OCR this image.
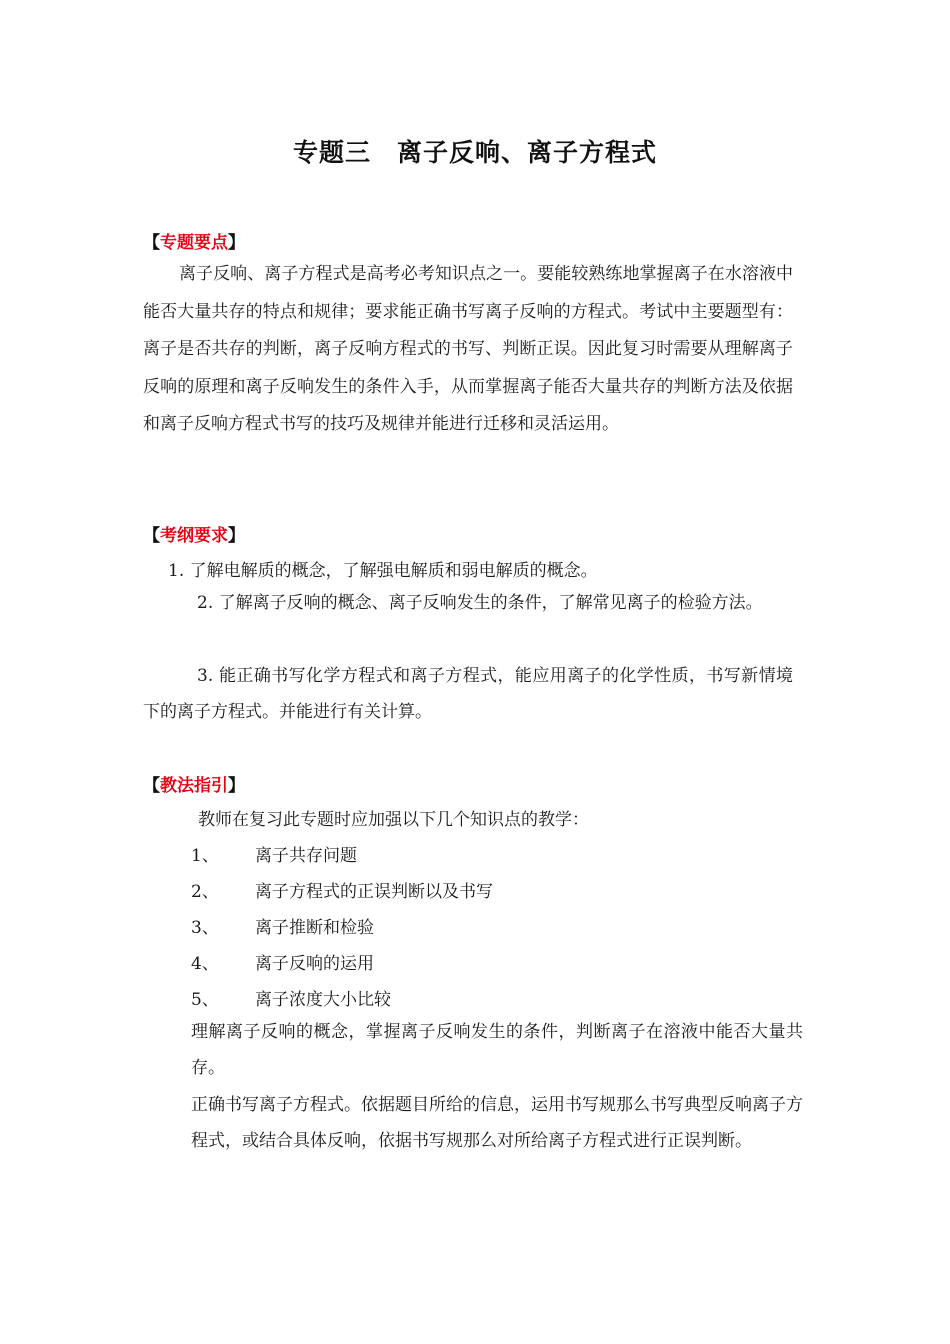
专题三　离子反响、离子方程式
【专题要点】
离子反响、离子方程式是高考必考知识点之一。要能较熟练地掌握离子在水溶液中能否大量共存的特点和规律；要求能正确书写离子反响的方程式。考试中主要题型有：离子是否共存的判断，离子反响方程式的书写、判断正误。因此复习时需要从理解离子反响的原理和离子反响发生的条件入手，从而掌握离子能否大量共存的判断方法及依据和离子反响方程式书写的技巧及规律并能进行迁移和灵活运用。
【考纲要求】
1. 了解电解质的概念，了解强电解质和弱电解质的概念。
2. 了解离子反响的概念、离子反响发生的条件，了解常见离子的检验方法。
3. 能正确书写化学方程式和离子方程式，能应用离子的化学性质，书写新情境下的离子方程式。并能进行有关计算。
【教法指引】
教师在复习此专题时应加强以下几个知识点的教学：
1、 离子共存问题
2、 离子方程式的正误判断以及书写
3、 离子推断和检验
4、 离子反响的运用
5、 离子浓度大小比较
理解离子反响的概念，掌握离子反响发生的条件，判断离子在溶液中能否大量共存。
正确书写离子方程式。依据题目所给的信息，运用书写规那么书写典型反响离子方程式，或结合具体反响，依据书写规那么对所给离子方程式进行正误判断。
